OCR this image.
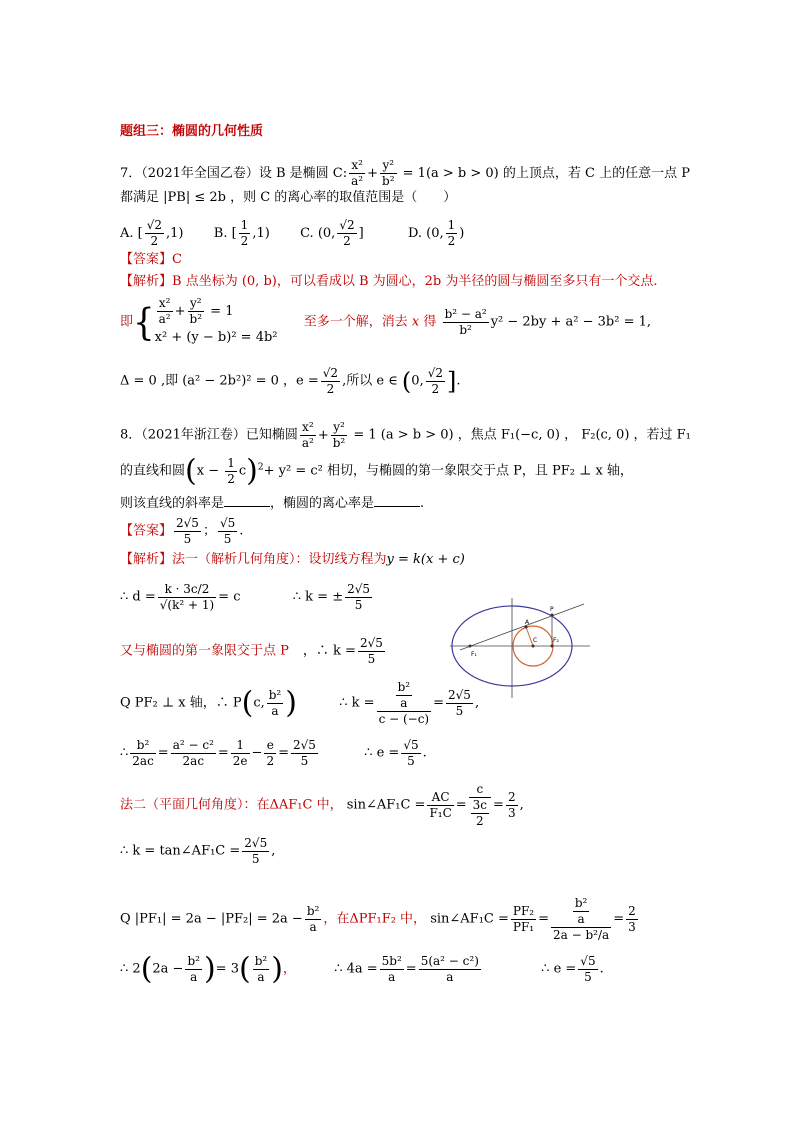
题组三：椭圆的几何性质
7．（2021年全国乙卷）设 B 是椭圆 C: $\frac{\text{x²}}{\text{a²}} + \frac{\text{y²}}{\text{b²}} = 1(a > b > 0)$ 的上顶点，若 C 上的任意一点 P
都满足 |PB| ≤ 2b ，则 C 的离心率的取值范围是（　　）
A. [ $\frac{√2}{2} ,1$) B. [ $\frac{1}{2} ,1$) C. (0, $\frac{√2}{2}$ ]	D. (0, $\frac{1}{2}$ )
【答案】C
【解析】B 点坐标为 (0, b)，可以看成以 B 为圆心，2b 为半径的圆与椭圆至多只有一个交点.
即{ $\frac{\text{x²}}{\text{a²}} + \frac{\text{y²}}{\text{b²}} = 1$
x² + (y − b)² = 4b²
至多一个解，消去 x 得 $\frac{\text{b² − a²}}{\text{b²}} y^2 - 2by + a^2 - 3b^2 = 1$,
Δ = 0 ,即 (a² − 2b²)² = 0 ，$e = \frac{√2}{2}$ ,所以 e ∈ (0, $\frac{√2}{2}$ ].
8．（2021年浙江卷）已知椭圆 $\frac{\text{x²}}{\text{a²}} + \frac{\text{y²}}{\text{b²}} = 1$ (a > b > 0) ，焦点 F₁(−c, 0) ， F₂(c, 0) ，若过 F₁
的直线和圆$(x - \frac{1}{2} c)^2+ y^2 = c^2$ 相切，与椭圆的第一象限交于点 P，且 PF₂ ⊥ x 轴，
则该直线的斜率是	，椭圆的离心率是	.
【答案】 $\frac{2√5}{5}$ ； $\frac{√5}{5}$ .
【解析】法一（解析几何角度）：设切线方程为y = k(x + c)
∴ $d = \frac{k \cdot 3c/2}{\text{√(k² + 1)}} = c$	∴ k = ± $\frac{2√5}{5}$
又与椭圆的第一象限交于点 P ，∴ $k = \frac{2√5}{5}$
Q PF₂ ⊥ x 轴，∴ P(c, $\frac{\text{b²}}{a}$ )	∴ $k = \frac{\frac{\text{b²}}{a}}{c - (-c)} = \frac{2√5}{5}$ ,
∴ $\frac{\text{b²}}{2ac} = \frac{\text{a² − c²}}{2ac} = \frac{1}{2e} - \frac{e}{2} = \frac{2√5}{5}$	∴ $e = \frac{√5}{5}$ .
法二（平面几何角度）：在ΔAF₁C 中， sin∠AF₁C = $\frac{AC}{\text{F₁C}} = \frac{c}{\frac{3c}{2}} = \frac{2}{3}$ ,
∴ k = tan∠AF₁C = $\frac{2√5}{5}$ ,
Q $|PF_1| = 2a - |PF_2| = 2a - \frac{\text{b²}}{a}$ ，在ΔPF₁F₂ 中， sin∠AF₁C = $\frac{\text{PF₂}}{\text{PF₁}} = \frac{\frac{\text{b²}}{a}}{\text{2a − b²/a}} = \frac{2}{3}$
∴ $2(2a - \frac{\text{b²}}{a}$ )= $3( \frac{\text{b²}}{a}$ )，	∴ $4a = \frac{\text{5b²}}{a} = \frac{\text{5(a² − c²)}}{a}$	∴ $e = \frac{√5}{5}$ .
P
A
C
F₁
F₂
